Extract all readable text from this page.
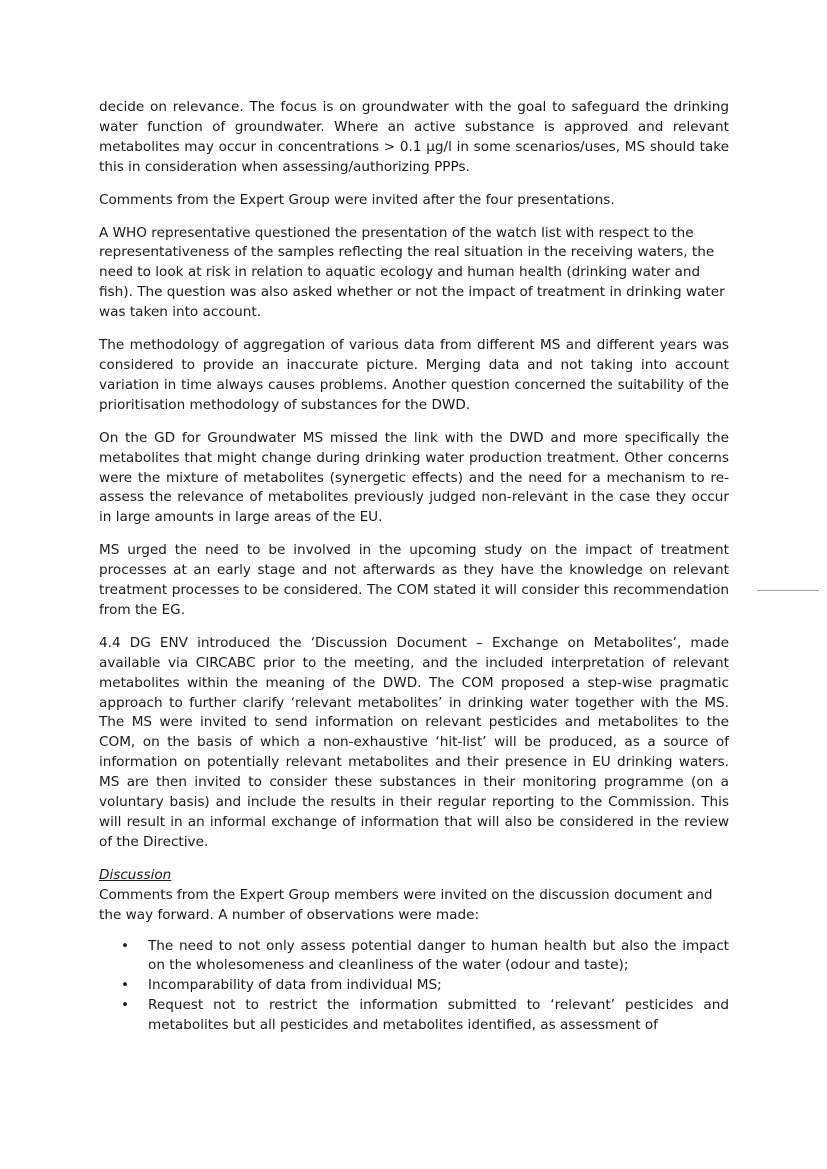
decide on relevance. The focus is on groundwater with the goal to safeguard the drinking water function of groundwater. Where an active substance is approved and relevant metabolites may occur in concentrations > 0.1 µg/l in some scenarios/uses, MS should take this in consideration when assessing/authorizing PPPs.

Comments from the Expert Group were invited after the four presentations.

A WHO representative questioned the presentation of the watch list with respect to the representativeness of the samples reflecting the real situation in the receiving waters, the need to look at risk in relation to aquatic ecology and human health (drinking water and fish). The question was also asked whether or not the impact of treatment in drinking water was taken into account.

The methodology of aggregation of various data from different MS and different years was considered to provide an inaccurate picture. Merging data and not taking into account variation in time always causes problems. Another question concerned the suitability of the prioritisation methodology of substances for the DWD.

On the GD for Groundwater MS missed the link with the DWD and more specifically the metabolites that might change during drinking water production treatment. Other concerns were the mixture of metabolites (synergetic effects) and the need for a mechanism to re-assess the relevance of metabolites previously judged non-relevant in the case they occur in large amounts in large areas of the EU.

MS urged the need to be involved in the upcoming study on the impact of treatment processes at an early stage and not afterwards as they have the knowledge on relevant treatment processes to be considered. The COM stated it will consider this recommendation from the EG.

4.4 DG ENV introduced the ‘Discussion Document – Exchange on Metabolites’, made available via CIRCABC prior to the meeting, and the included interpretation of relevant metabolites within the meaning of the DWD. The COM proposed a step-wise pragmatic approach to further clarify ‘relevant metabolites’ in drinking water together with the MS. The MS were invited to send information on relevant pesticides and metabolites to the COM, on the basis of which a non-exhaustive ‘hit-list’ will be produced, as a source of information on potentially relevant metabolites and their presence in EU drinking waters. MS are then invited to consider these substances in their monitoring programme (on a voluntary basis) and include the results in their regular reporting to the Commission. This will result in an informal exchange of information that will also be considered in the review of the Directive.

Discussion

Comments from the Expert Group members were invited on the discussion document and the way forward. A number of observations were made:

• The need to not only assess potential danger to human health but also the impact on the wholesomeness and cleanliness of the water (odour and taste);
• Incomparability of data from individual MS;
• Request not to restrict the information submitted to ‘relevant’ pesticides and metabolites but all pesticides and metabolites identified, as assessment of
